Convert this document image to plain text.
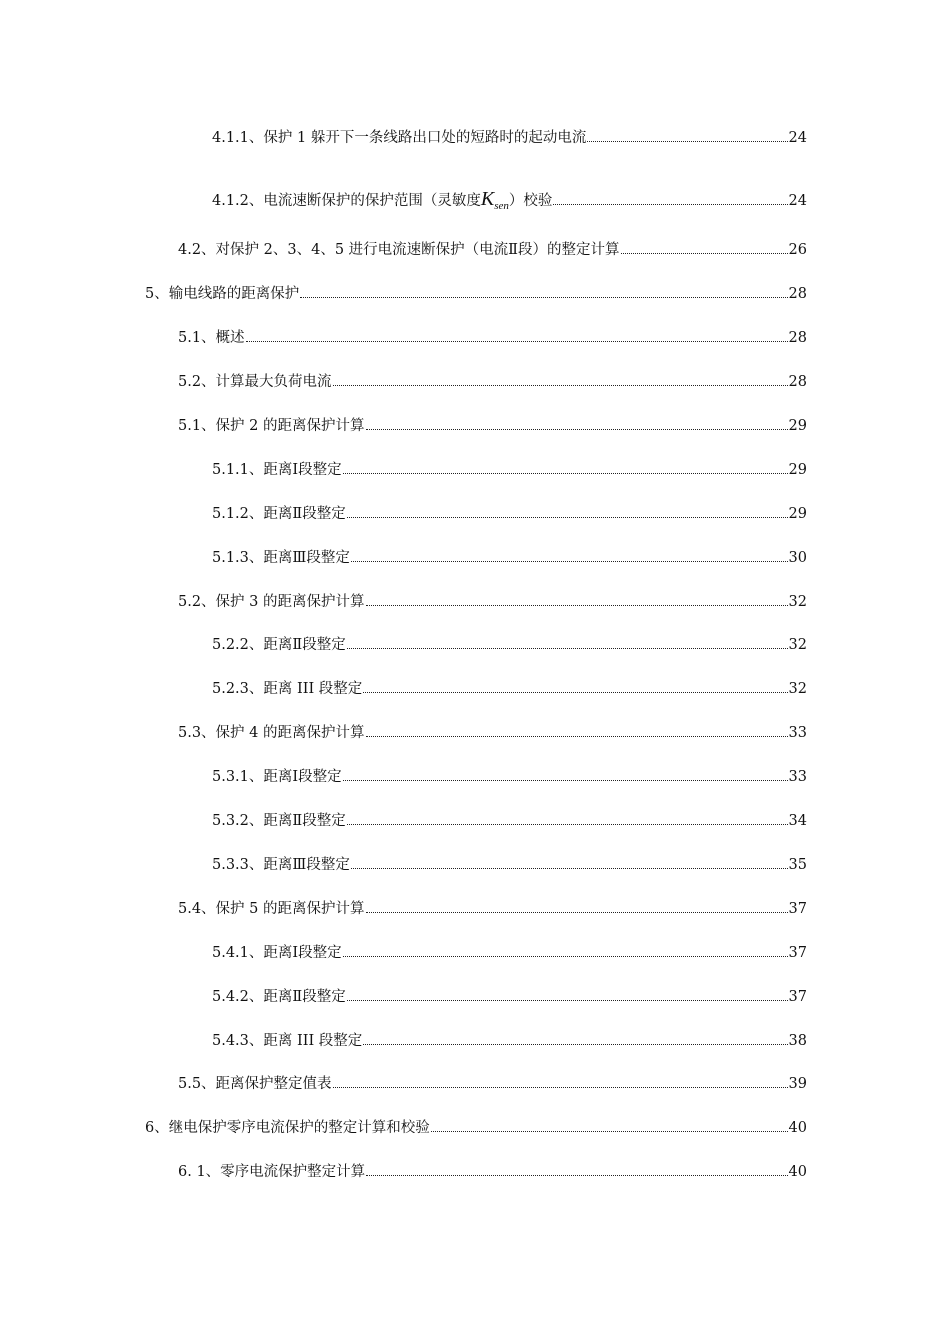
4.1.1、保护 1 躲开下一条线路出口处的短路时的起动电流	24
4.1.2、电流速断保护的保护范围（灵敏度$K_{sen}$）校验	24
4.2、对保护 2、3、4、5 进行电流速断保护（电流Ⅱ段）的整定计算	26
5、输电线路的距离保护	28
5.1、概述	28
5.2、计算最大负荷电流	28
5.1、保护 2 的距离保护计算	29
5.1.1、距离Ⅰ段整定	29
5.1.2、距离Ⅱ段整定	29
5.1.3、距离Ⅲ段整定	30
5.2、保护 3 的距离保护计算	32
5.2.2、距离Ⅱ段整定	32
5.2.3、距离 III 段整定	32
5.3、保护 4 的距离保护计算	33
5.3.1、距离Ⅰ段整定	33
5.3.2、距离Ⅱ段整定	34
5.3.3、距离Ⅲ段整定	35
5.4、保护 5 的距离保护计算	37
5.4.1、距离Ⅰ段整定	37
5.4.2、距离Ⅱ段整定	37
5.4.3、距离 III 段整定	38
5.5、距离保护整定值表	39
6、继电保护零序电流保护的整定计算和校验	40
6. 1、零序电流保护整定计算	40
